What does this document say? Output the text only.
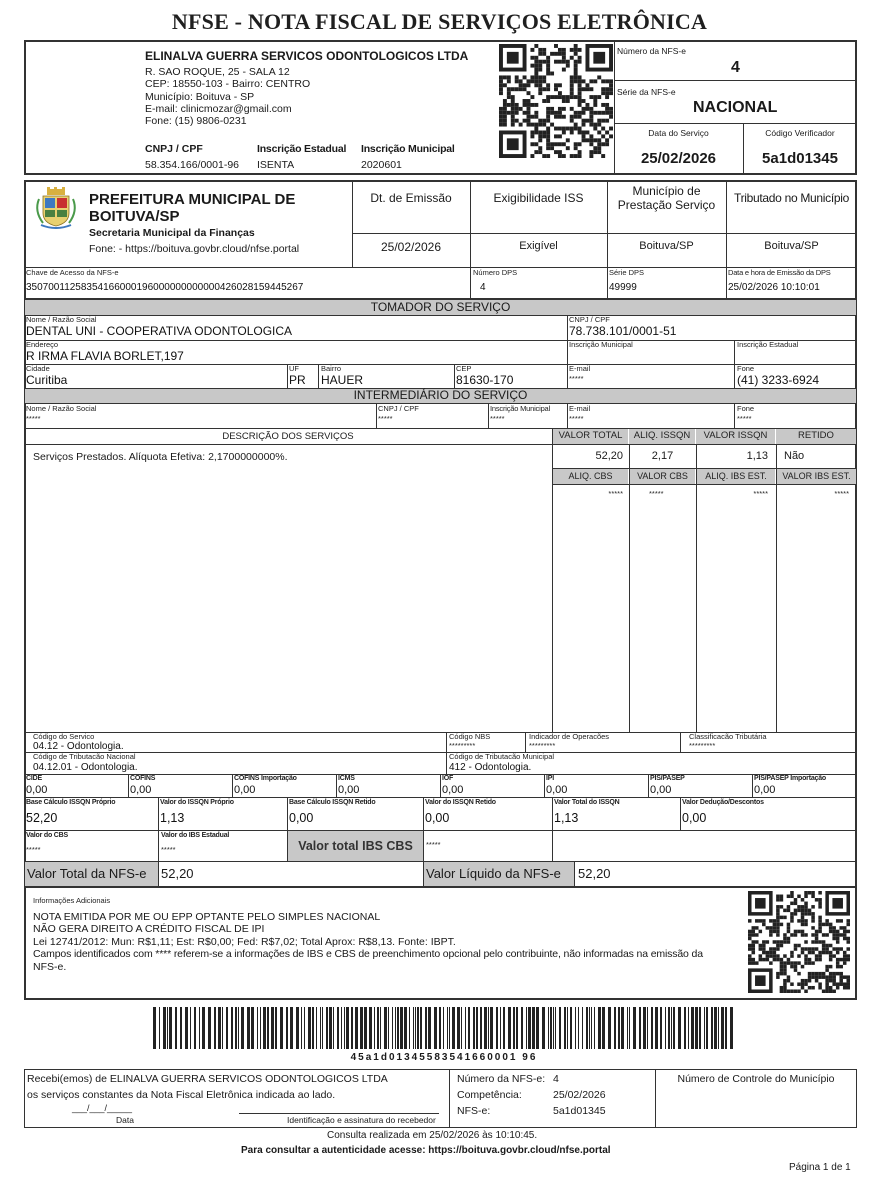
NFSE - NOTA FISCAL DE SERVIÇOS ELETRÔNICA
ELINALVA GUERRA SERVICOS ODONTOLOGICOS LTDA
R. SAO ROQUE, 25 - SALA 12
CEP: 18550-103 - Bairro: CENTRO
Município: Boituva - SP
E-mail: clinicmozar@gmail.com
Fone: (15) 9806-0231
CNPJ / CPF
58.354.166/0001-96
Inscrição Estadual
ISENTA
Inscrição Municipal
2020601
Número da NFS-e
4
Série da NFS-e
NACIONAL
Data do Serviço
25/02/2026
Código Verificador
5a1d01345
PREFEITURA MUNICIPAL DE
BOITUVA/SP
Secretaria Municipal da Finanças
Fone: - https://boituva.govbr.cloud/nfse.portal
Dt. de Emissão
25/02/2026
Exigibilidade ISS
Exigível
Município de Prestação Serviço
Boituva/SP
Tributado no Município
Boituva/SP
Chave de Acesso da NFS-e
35070011258354166000196000000000000426028159445267
Número DPS
4
Série DPS
49999
Data e hora de Emissão da DPS
25/02/2026 10:10:01
TOMADOR DO SERVIÇO
Nome / Razão Social
DENTAL UNI - COOPERATIVA ODONTOLOGICA
CNPJ / CPF
78.738.101/0001-51
Endereço
R IRMA FLAVIA BORLET,197
Inscrição Municipal	Inscrição Estadual
Cidade
Curitiba
UF
PR
Bairro
HAUER
CEP
81630-170
E-mail
*****
Fone
(41) 3233-6924
INTERMEDIÁRIO DO SERVIÇO
Nome / Razão Social
*****
CNPJ / CPF
*****
Inscrição Municipal
*****
E-mail
*****
Fone
*****
DESCRIÇÃO DOS SERVIÇOS	VALOR TOTAL	ALIQ. ISSQN	VALOR ISSQN	RETIDO
Serviços Prestados. Alíquota Efetiva: 2,1700000000%.	52,20	2,17	1,13 Não
ALIQ. CBS	VALOR CBS	ALIQ. IBS EST.	VALOR IBS EST.
*****	*****	*****	*****
Código do Servico
04.12 - Odontologia.
Código NBS
*********
Indicador de Operacões
*********
Classificacão Tributária
*********
Código de Tributacão Nacional
04.12.01 - Odontologia.
Código de Tributacão Municipal
412 - Odontologia.
CIDE
0,00
COFINS
0,00
COFINS Importação
0,00
ICMS
0,00
IOF
0,00
IPI
0,00
PIS/PASEP
0,00
PIS/PASEP Importação
0,00
Base Cálculo ISSQN Próprio
52,20
Valor do ISSQN Próprio
1,13
Base Cálculo ISSQN Retido
0,00
Valor do ISSQN Retido
0,00
Valor Total do ISSQN
1,13
Valor Dedução/Descontos
0,00
Valor do CBS
*****
Valor do IBS Estadual
*****	Valor total IBS CBS	*****
Valor Total da NFS-e 52,20	Valor Líquido da NFS-e 52,20
Informações Adicionais
NOTA EMITIDA POR ME OU EPP OPTANTE PELO SIMPLES NACIONAL
NÃO GERA DIREITO A CRÉDITO FISCAL DE IPI
Lei 12741/2012: Mun: R$1,11; Est: R$0,00; Fed: R$7,02; Total Aprox: R$8,13. Fonte: IBPT.
Campos identificados com **** referem-se a informações de IBS e CBS de preenchimento opcional pelo contribuinte, não informadas na emissão da
NFS-e.
45a1d01345583541660001 96
Recebi(emos) de ELINALVA GUERRA SERVICOS ODONTOLOGICOS LTDA
os serviços constantes da Nota Fiscal Eletrônica indicada ao lado.
___/___/_____
Data	Identificação e assinatura do recebedor
Número da NFS-e: 4
Competência:	25/02/2026
NFS-e:	5a1d01345
Número de Controle do Município
Consulta realizada em 25/02/2026 às 10:10:45.
Para consultar a autenticidade acesse: https://boituva.govbr.cloud/nfse.portal
Página 1 de 1
